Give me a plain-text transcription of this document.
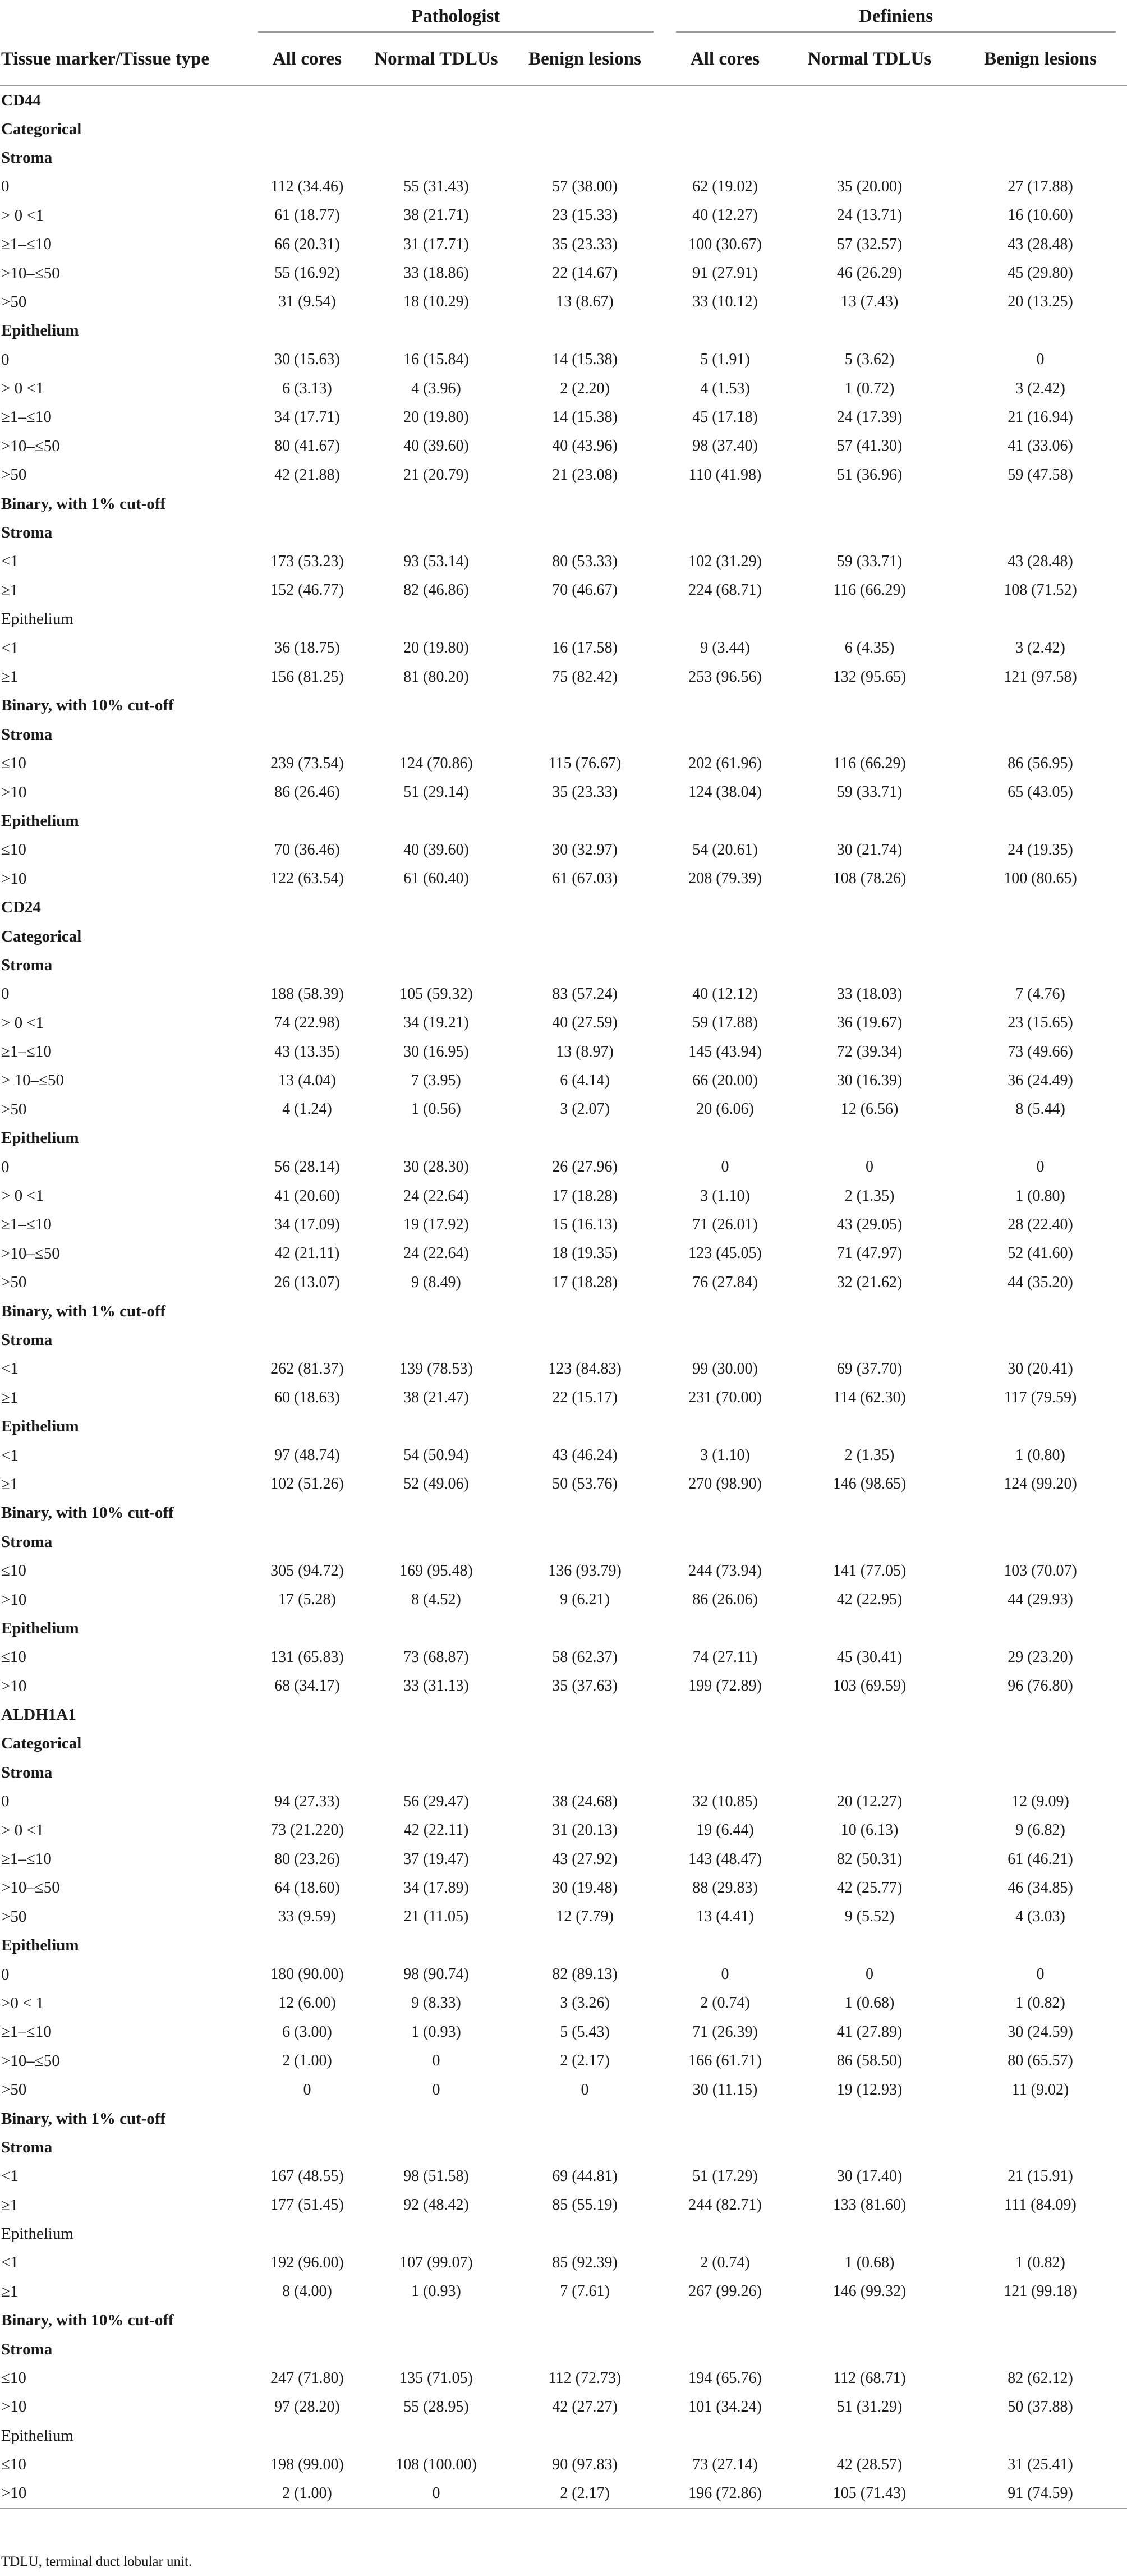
	Pathologist			Definiens		

Tissue marker/Tissue type	All cores	Normal TDLUs	Benign lesions	All cores	Normal TDLUs	Benign lesions
CD44						
Categorical						
Stroma						
0	112 (34.46)	55 (31.43)	57 (38.00)	62 (19.02)	35 (20.00)	27 (17.88)
> 0 <1	61 (18.77)	38 (21.71)	23 (15.33)	40 (12.27)	24 (13.71)	16 (10.60)
≥1–≤10	66 (20.31)	31 (17.71)	35 (23.33)	100 (30.67)	57 (32.57)	43 (28.48)
>10–≤50	55 (16.92)	33 (18.86)	22 (14.67)	91 (27.91)	46 (26.29)	45 (29.80)
>50	31 (9.54)	18 (10.29)	13 (8.67)	33 (10.12)	13 (7.43)	20 (13.25)
Epithelium						
0	30 (15.63)	16 (15.84)	14 (15.38)	5 (1.91)	5 (3.62)	0
> 0 <1	6 (3.13)	4 (3.96)	2 (2.20)	4 (1.53)	1 (0.72)	3 (2.42)
≥1–≤10	34 (17.71)	20 (19.80)	14 (15.38)	45 (17.18)	24 (17.39)	21 (16.94)
>10–≤50	80 (41.67)	40 (39.60)	40 (43.96)	98 (37.40)	57 (41.30)	41 (33.06)
>50	42 (21.88)	21 (20.79)	21 (23.08)	110 (41.98)	51 (36.96)	59 (47.58)
Binary, with 1% cut-off						
Stroma						
<1	173 (53.23)	93 (53.14)	80 (53.33)	102 (31.29)	59 (33.71)	43 (28.48)
≥1	152 (46.77)	82 (46.86)	70 (46.67)	224 (68.71)	116 (66.29)	108 (71.52)
Epithelium						
<1	36 (18.75)	20 (19.80)	16 (17.58)	9 (3.44)	6 (4.35)	3 (2.42)
≥1	156 (81.25)	81 (80.20)	75 (82.42)	253 (96.56)	132 (95.65)	121 (97.58)
Binary, with 10% cut-off						
Stroma						
≤10	239 (73.54)	124 (70.86)	115 (76.67)	202 (61.96)	116 (66.29)	86 (56.95)
>10	86 (26.46)	51 (29.14)	35 (23.33)	124 (38.04)	59 (33.71)	65 (43.05)
Epithelium						
≤10	70 (36.46)	40 (39.60)	30 (32.97)	54 (20.61)	30 (21.74)	24 (19.35)
>10	122 (63.54)	61 (60.40)	61 (67.03)	208 (79.39)	108 (78.26)	100 (80.65)
CD24						
Categorical						
Stroma						
0	188 (58.39)	105 (59.32)	83 (57.24)	40 (12.12)	33 (18.03)	7 (4.76)
> 0 <1	74 (22.98)	34 (19.21)	40 (27.59)	59 (17.88)	36 (19.67)	23 (15.65)
≥1–≤10	43 (13.35)	30 (16.95)	13 (8.97)	145 (43.94)	72 (39.34)	73 (49.66)
> 10–≤50	13 (4.04)	7 (3.95)	6 (4.14)	66 (20.00)	30 (16.39)	36 (24.49)
>50	4 (1.24)	1 (0.56)	3 (2.07)	20 (6.06)	12 (6.56)	8 (5.44)
Epithelium						
0	56 (28.14)	30 (28.30)	26 (27.96)	0	0	0
> 0 <1	41 (20.60)	24 (22.64)	17 (18.28)	3 (1.10)	2 (1.35)	1 (0.80)
≥1–≤10	34 (17.09)	19 (17.92)	15 (16.13)	71 (26.01)	43 (29.05)	28 (22.40)
>10–≤50	42 (21.11)	24 (22.64)	18 (19.35)	123 (45.05)	71 (47.97)	52 (41.60)
>50	26 (13.07)	9 (8.49)	17 (18.28)	76 (27.84)	32 (21.62)	44 (35.20)
Binary, with 1% cut-off						
Stroma						
<1	262 (81.37)	139 (78.53)	123 (84.83)	99 (30.00)	69 (37.70)	30 (20.41)
≥1	60 (18.63)	38 (21.47)	22 (15.17)	231 (70.00)	114 (62.30)	117 (79.59)
Epithelium						
<1	97 (48.74)	54 (50.94)	43 (46.24)	3 (1.10)	2 (1.35)	1 (0.80)
≥1	102 (51.26)	52 (49.06)	50 (53.76)	270 (98.90)	146 (98.65)	124 (99.20)
Binary, with 10% cut-off						
Stroma						
≤10	305 (94.72)	169 (95.48)	136 (93.79)	244 (73.94)	141 (77.05)	103 (70.07)
>10	17 (5.28)	8 (4.52)	9 (6.21)	86 (26.06)	42 (22.95)	44 (29.93)
Epithelium						
≤10	131 (65.83)	73 (68.87)	58 (62.37)	74 (27.11)	45 (30.41)	29 (23.20)
>10	68 (34.17)	33 (31.13)	35 (37.63)	199 (72.89)	103 (69.59)	96 (76.80)
ALDH1A1						
Categorical						
Stroma						
0	94 (27.33)	56 (29.47)	38 (24.68)	32 (10.85)	20 (12.27)	12 (9.09)
> 0 <1	73 (21.220)	42 (22.11)	31 (20.13)	19 (6.44)	10 (6.13)	9 (6.82)
≥1–≤10	80 (23.26)	37 (19.47)	43 (27.92)	143 (48.47)	82 (50.31)	61 (46.21)
>10–≤50	64 (18.60)	34 (17.89)	30 (19.48)	88 (29.83)	42 (25.77)	46 (34.85)
>50	33 (9.59)	21 (11.05)	12 (7.79)	13 (4.41)	9 (5.52)	4 (3.03)
Epithelium						
0	180 (90.00)	98 (90.74)	82 (89.13)	0	0	0
>0 < 1	12 (6.00)	9 (8.33)	3 (3.26)	2 (0.74)	1 (0.68)	1 (0.82)
≥1–≤10	6 (3.00)	1 (0.93)	5 (5.43)	71 (26.39)	41 (27.89)	30 (24.59)
>10–≤50	2 (1.00)	0	2 (2.17)	166 (61.71)	86 (58.50)	80 (65.57)
>50	0	0	0	30 (11.15)	19 (12.93)	11 (9.02)
Binary, with 1% cut-off						
Stroma						
<1	167 (48.55)	98 (51.58)	69 (44.81)	51 (17.29)	30 (17.40)	21 (15.91)
≥1	177 (51.45)	92 (48.42)	85 (55.19)	244 (82.71)	133 (81.60)	111 (84.09)
Epithelium						
<1	192 (96.00)	107 (99.07)	85 (92.39)	2 (0.74)	1 (0.68)	1 (0.82)
≥1	8 (4.00)	1 (0.93)	7 (7.61)	267 (99.26)	146 (99.32)	121 (99.18)
Binary, with 10% cut-off						
Stroma						
≤10	247 (71.80)	135 (71.05)	112 (72.73)	194 (65.76)	112 (68.71)	82 (62.12)
>10	97 (28.20)	55 (28.95)	42 (27.27)	101 (34.24)	51 (31.29)	50 (37.88)
Epithelium						
≤10	198 (99.00)	108 (100.00)	90 (97.83)	73 (27.14)	42 (28.57)	31 (25.41)
>10	2 (1.00)	0	2 (2.17)	196 (72.86)	105 (71.43)	91 (74.59)

TDLU, terminal duct lobular unit.
